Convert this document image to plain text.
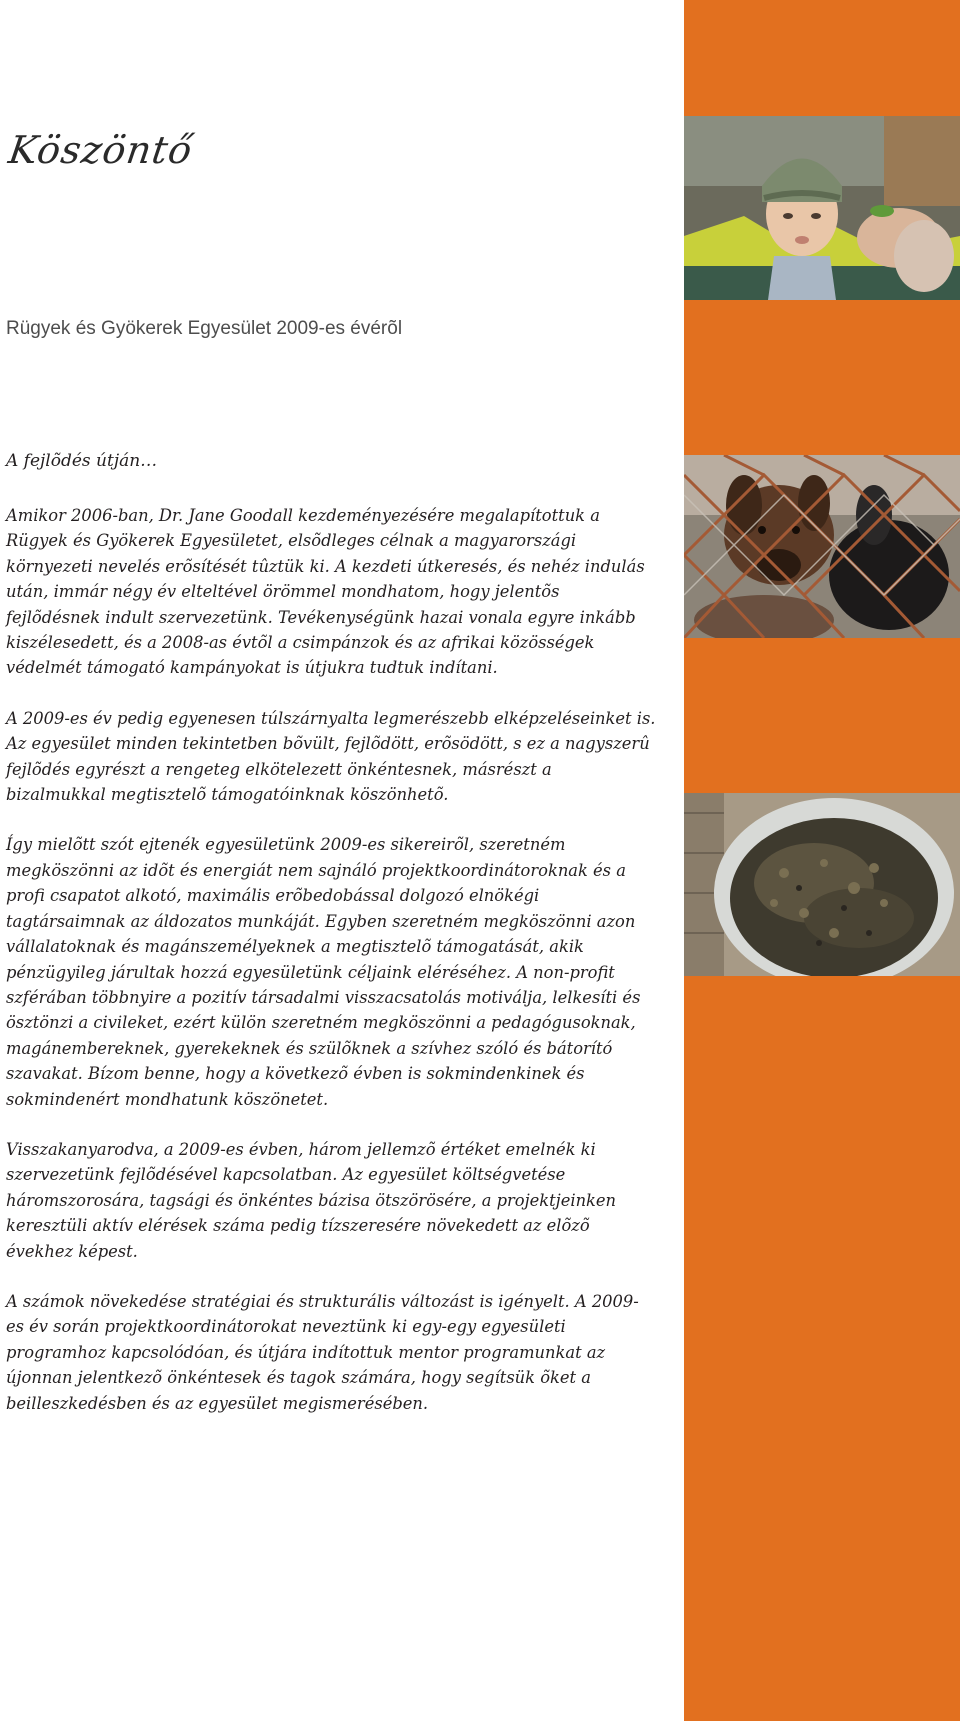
Köszöntő
Rügyek és Gyökerek Egyesület 2009-es évérõl
A fejlõdés útján…

Amikor 2006-ban, Dr. Jane Goodall kezdeményezésére megalapítottuk a Rügyek és Gyökerek Egyesületet, elsõdleges célnak a magyarországi környezeti nevelés erõsítését tûztük ki. A kezdeti útkeresés, és nehéz indulás után, immár négy év elteltével örömmel mondhatom, hogy jelentõs fejlõdésnek indult szervezetünk. Tevékenységünk hazai vonala egyre inkább kiszélesedett, és a 2008-as évtõl a csimpánzok és az afrikai közösségek védelmét támogató kampányokat is útjukra tudtuk indítani.

A 2009-es év pedig egyenesen túlszárnyalta legmerészebb elképzeléseinket is. Az egyesület minden tekintetben bõvült, fejlõdött, erõsödött, s ez a nagyszerû fejlõdés egyrészt a rengeteg elkötelezett önkéntesnek, másrészt a bizalmukkal megtisztelõ támogatóinknak köszönhetõ.

Így mielõtt szót ejtenék egyesületünk 2009-es sikereirõl, szeretném megköszönni az idõt és energiát nem sajnáló projektkoordinátoroknak és a profi csapatot alkotó, maximális erõbedobással dolgozó elnökégi tagtársaimnak az áldozatos munkáját. Egyben szeretném megköszönni azon vállalatoknak és magánszemélyeknek a megtisztelõ támogatását, akik pénzügyileg járultak hozzá egyesületünk céljaink eléréséhez. A non-profit szférában többnyire a pozitív társadalmi visszacsatolás motiválja, lelkesíti és ösztönzi a civileket, ezért külön szeretném megköszönni a pedagógusoknak, magánembereknek, gyerekeknek és szülõknek a szívhez szóló és bátorító szavakat. Bízom benne, hogy a következõ évben is sokmindenkinek és sokmindenért mondhatunk köszönetet.

Visszakanyarodva, a 2009-es évben, három jellemzõ értéket emelnék ki szervezetünk fejlõdésével kapcsolatban. Az egyesület költségvetése háromszorosára, tagsági és önkéntes bázisa ötszörösére, a projektjeinken keresztüli aktív elérések száma pedig tízszeresére növekedett az elõzõ évekhez képest.

A számok növekedése stratégiai és strukturális változást is igényelt. A 2009-es év során projektkoordinátorokat neveztünk ki egy-egy egyesületi programhoz kapcsolódóan, és útjára indítottuk mentor programunkat az újonnan jelentkezõ önkéntesek és tagok számára, hogy segítsük õket a beilleszkedésben és az egyesület megismerésében.
